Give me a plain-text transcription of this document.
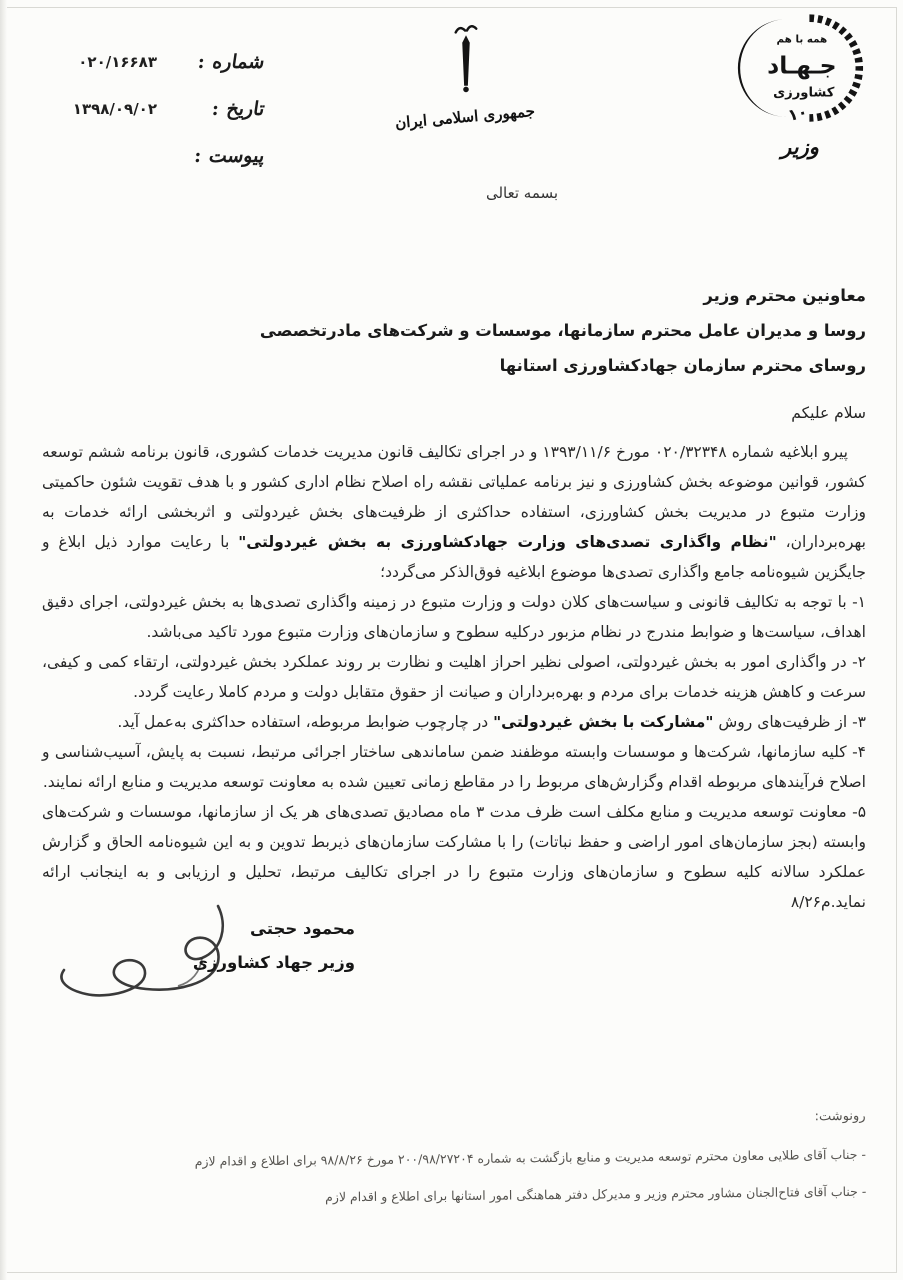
شماره :
۰۲۰/۱۶۶۸۳
تاریخ :
۱۳۹۸/۰۹/۰۲
پیوست :
جمهوری اسلامی ایران
همه با هم
جـهـاد
کشاورزی
۱۰
وزیر
بسمه تعالی
معاونین محترم وزیر
روسا و مدیران عامل محترم سازمانها، موسسات و شرکت‌های مادرتخصصی
روسای محترم سازمان جهادکشاورزی استانها
سلام علیکم

پیرو ابلاغیه شماره ۰۲۰/۳۲۳۴۸ مورخ ۱۳۹۳/۱۱/۶ و در اجرای تکالیف قانون مدیریت خدمات کشوری، قانون برنامه ششم توسعه کشور، قوانین موضوعه بخش کشاورزی و نیز برنامه عملیاتی نقشه راه اصلاح نظام اداری کشور و با هدف تقویت شئون حاکمیتی وزارت متبوع در مدیریت بخش کشاورزی، استفاده حداکثری از ظرفیت‌های بخش غیردولتی و اثربخشی ارائه خدمات به بهره‌برداران، "نظام واگذاری تصدی‌های وزارت جهادکشاورزی به بخش غیردولتی" با رعایت موارد ذیل ابلاغ و جایگزین شیوه‌نامه جامع واگذاری تصدی‌ها موضوع ابلاغیه فوق‌الذکر می‌گردد؛

۱- با توجه به تکالیف قانونی و سیاست‌های کلان دولت و وزارت متبوع در زمینه واگذاری تصدی‌ها به بخش غیردولتی، اجرای دقیق اهداف، سیاست‌ها و ضوابط مندرج در نظام مزبور درکلیه سطوح و سازمان‌های وزارت متبوع مورد تاکید می‌باشد.

۲- در واگذاری امور به بخش غیردولتی، اصولی نظیر احراز اهلیت و نظارت بر روند عملکرد بخش غیردولتی، ارتقاء کمی و کیفی، سرعت و کاهش هزینه خدمات برای مردم و بهره‌برداران و صیانت از حقوق متقابل دولت و مردم کاملا رعایت گردد.

۳- از ظرفیت‌های روش "مشارکت با بخش غیردولتی" در چارچوب ضوابط مربوطه، استفاده حداکثری به‌عمل آید.

۴- کلیه سازمانها، شرکت‌ها و موسسات وابسته موظفند ضمن ساماندهی ساختار اجرائی مرتبط، نسبت به پایش، آسیب‌شناسی و اصلاح فرآیندهای مربوطه اقدام وگزارش‌های مربوط را در مقاطع زمانی تعیین شده به معاونت توسعه مدیریت و منابع ارائه نمایند.

۵- معاونت توسعه مدیریت و منابع مکلف است ظرف مدت ۳ ماه مصادیق تصدی‌های هر یک از سازمانها، موسسات و شرکت‌های وابسته (بجز سازمان‌های امور اراضی و حفظ نباتات) را با مشارکت سازمان‌های ذیربط تدوین و به این شیوه‌نامه الحاق و گزارش عملکرد سالانه کلیه سطوح و سازمان‌های وزارت متبوع را در اجرای تکالیف مرتبط، تحلیل و ارزیابی و به اینجانب ارائه نماید.م۸/۲۶

محمود حجتی
وزیر جهاد کشاورزی
رونوشت:
- جناب آقای طلایی معاون محترم توسعه مدیریت و منابع بازگشت به شماره ۲۰۰/۹۸/۲۷۲۰۴ مورخ ۹۸/۸/۲۶ برای اطلاع و اقدام لازم
- جناب آقای فتاح‌الجنان مشاور محترم وزیر و مدیرکل دفتر هماهنگی امور استانها برای اطلاع و اقدام لازم
